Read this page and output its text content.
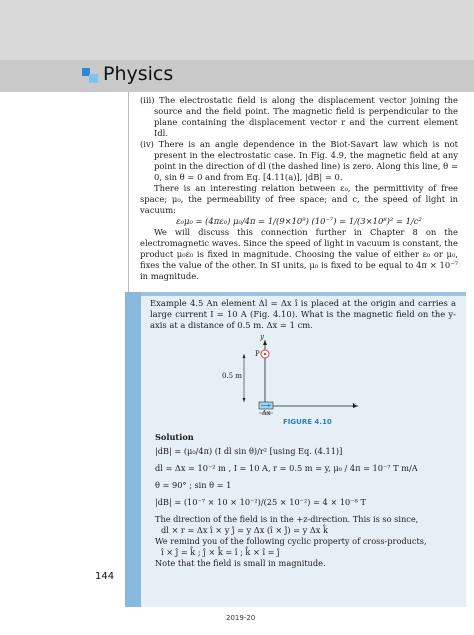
Physics

(iii) The electrostatic field is along the displacement vector joining the source and the field point. The magnetic field is perpendicular to the plane containing the displacement vector r and the current element Idl.

(iv) There is an angle dependence in the Biot-Savart law which is not present in the electrostatic case. In Fig. 4.9, the magnetic field at any point in the direction of dl (the dashed line) is zero. Along this line, θ = 0, sin θ = 0 and from Eq. [4.11(a)], |dB| = 0.

There is an interesting relation between ε₀, the permittivity of free space; μ₀, the permeability of free space; and c, the speed of light in vacuum:

ε₀μ₀ = (4πε₀) μ₀/4π = 1/(9×10⁹) (10⁻⁷) = 1/(3×10⁸)² = 1/c²

We will discuss this connection further in Chapter 8 on the electromagnetic waves. Since the speed of light in vacuum is constant, the product μ₀ε₀ is fixed in magnitude. Choosing the value of either ε₀ or μ₀, fixes the value of the other. In SI units, μ₀ is fixed to be equal to 4π × 10⁻⁷ in magnitude.

EXAMPLE 4.5

Example 4.5 An element Δl = Δx î is placed at the origin and carries a large current I = 10 A (Fig. 4.10). What is the magnetic field on the y-axis at a distance of 0.5 m. Δx = 1 cm.

y
P
0.5 m
x
Δx
FIGURE 4.10

Solution

|dB| = (μ₀/4π) (I dl sin θ)/r² [using Eq. (4.11)]

dl = Δx = 10⁻² m , I = 10 A, r = 0.5 m = y, μ₀ / 4π = 10⁻⁷ T m/A

θ = 90° ; sin θ = 1

|dB| = (10⁻⁷ × 10 × 10⁻²)/(25 × 10⁻²) = 4 × 10⁻⁸ T

The direction of the field is in the +z-direction. This is so since,

dl × r = Δx î × y ĵ = y Δx (î × ĵ) = y Δx k̂

We remind you of the following cyclic property of cross-products,

î × ĵ = k̂ ; ĵ × k̂ = î ; k̂ × î = ĵ

Note that the field is small in magnitude.

144
2019-20
